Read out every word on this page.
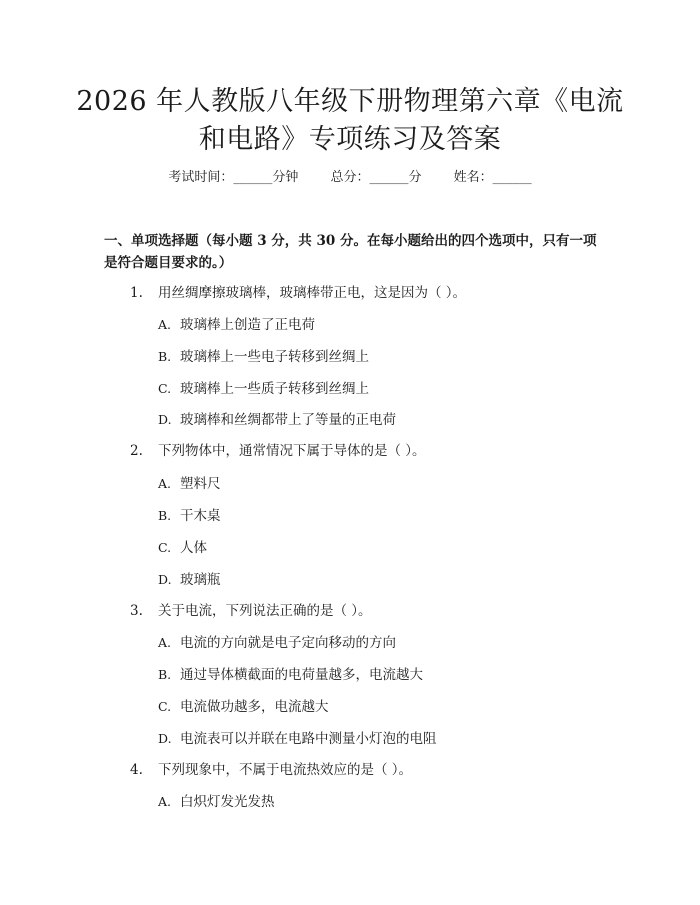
2026 年人教版八年级下册物理第六章《电流
和电路》专项练习及答案
考试时间：______分钟 总分：______分 姓名：______
一、单项选择题（每小题 3 分，共 30 分。在每小题给出的四个选项中，只有一项
是符合题目要求的。）
1. 用丝绸摩擦玻璃棒，玻璃棒带正电，这是因为（ ）。
A. 玻璃棒上创造了正电荷
B. 玻璃棒上一些电子转移到丝绸上
C. 玻璃棒上一些质子转移到丝绸上
D. 玻璃棒和丝绸都带上了等量的正电荷
2. 下列物体中，通常情况下属于导体的是（ ）。
A. 塑料尺
B. 干木桌
C. 人体
D. 玻璃瓶
3. 关于电流，下列说法正确的是（ ）。
A. 电流的方向就是电子定向移动的方向
B. 通过导体横截面的电荷量越多，电流越大
C. 电流做功越多，电流越大
D. 电流表可以并联在电路中测量小灯泡的电阻
4. 下列现象中，不属于电流热效应的是（ ）。
A. 白炽灯发光发热
